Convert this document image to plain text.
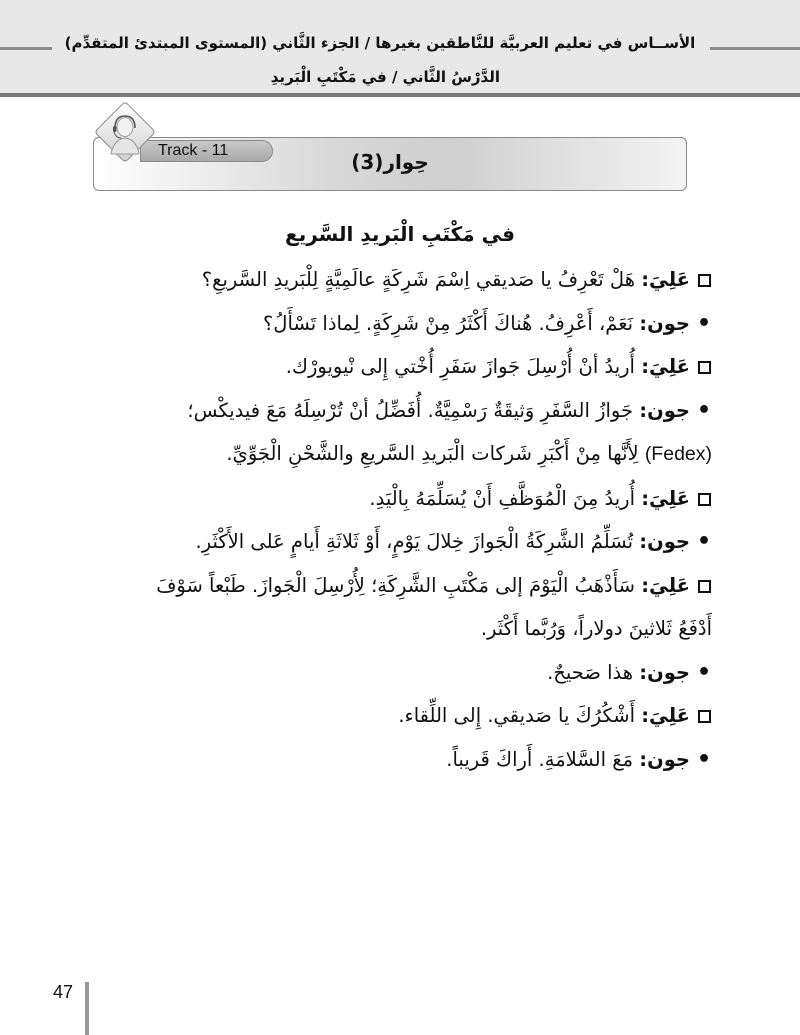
الأســاس في تعليم العربيَّة للنَّاطقين بغيرها / الجزء الثَّاني (المستوى المبتدئ المتقدِّم)
الدَّرْسُ الثَّاني / في مَكْتَبِ الْبَريدِ
Track - 11	حِوار(3)
في مَكْتَبِ الْبَريدِ السَّريع
عَلِيَ: هَلْ تَعْرِفُ يا صَديقي اِسْمَ شَرِكَةٍ عالَمِيَّةٍ لِلْبَريدِ السَّريعِ؟
•جون: نَعَمْ، أَعْرِفُ. هُناكَ أَكْثَرُ مِنْ شَرِكَةٍ. لِماذا تَسْأَلُ؟
عَلِيَ: أُريدُ أنْ أُرْسِلَ جَوازَ سَفَرِ أُخْتي إِلى نْيويورْك.
•جون: جَوازُ السَّفَرِ وَثيقَةٌ رَسْمِيَّةٌ. أُفَضِّلُ أنْ تُرْسِلَهُ مَعَ فيديكْس؛
(Fedex) لِأَنَّها مِنْ أَكْبَرِ شَركات الْبَريدِ السَّريعِ والشَّحْنِ الْجَوِّيِّ.
عَلِيَ: أُريدُ مِنَ الْمُوَظَّفِ أَنْ يُسَلِّمَهُ بِالْيَدِ.
•جون: تُسَلِّمُ الشَّرِكَةُ الْجَوازَ خِلالَ يَوْمٍ، أَوْ ثَلاثَةِ أَيامٍ عَلى الأَكْثَرِ.
عَلِيَ: سَأَذْهَبُ الْيَوْمَ إلى مَكْتَبِ الشَّرِكَةِ؛ لِأُرْسِلَ الْجَوازَ. طَبْعاً سَوْفَ
أَدْفَعُ ثَلاثينَ دولاراً، وَرُبَّما أَكْثَر.
•جون: هذا صَحيحٌ.
عَلِيَ: أَشْكُرُكَ يا صَديقي. إِلى اللِّقاء.
•جون: مَعَ السَّلامَةِ. أَراكَ قَريباً.
47
